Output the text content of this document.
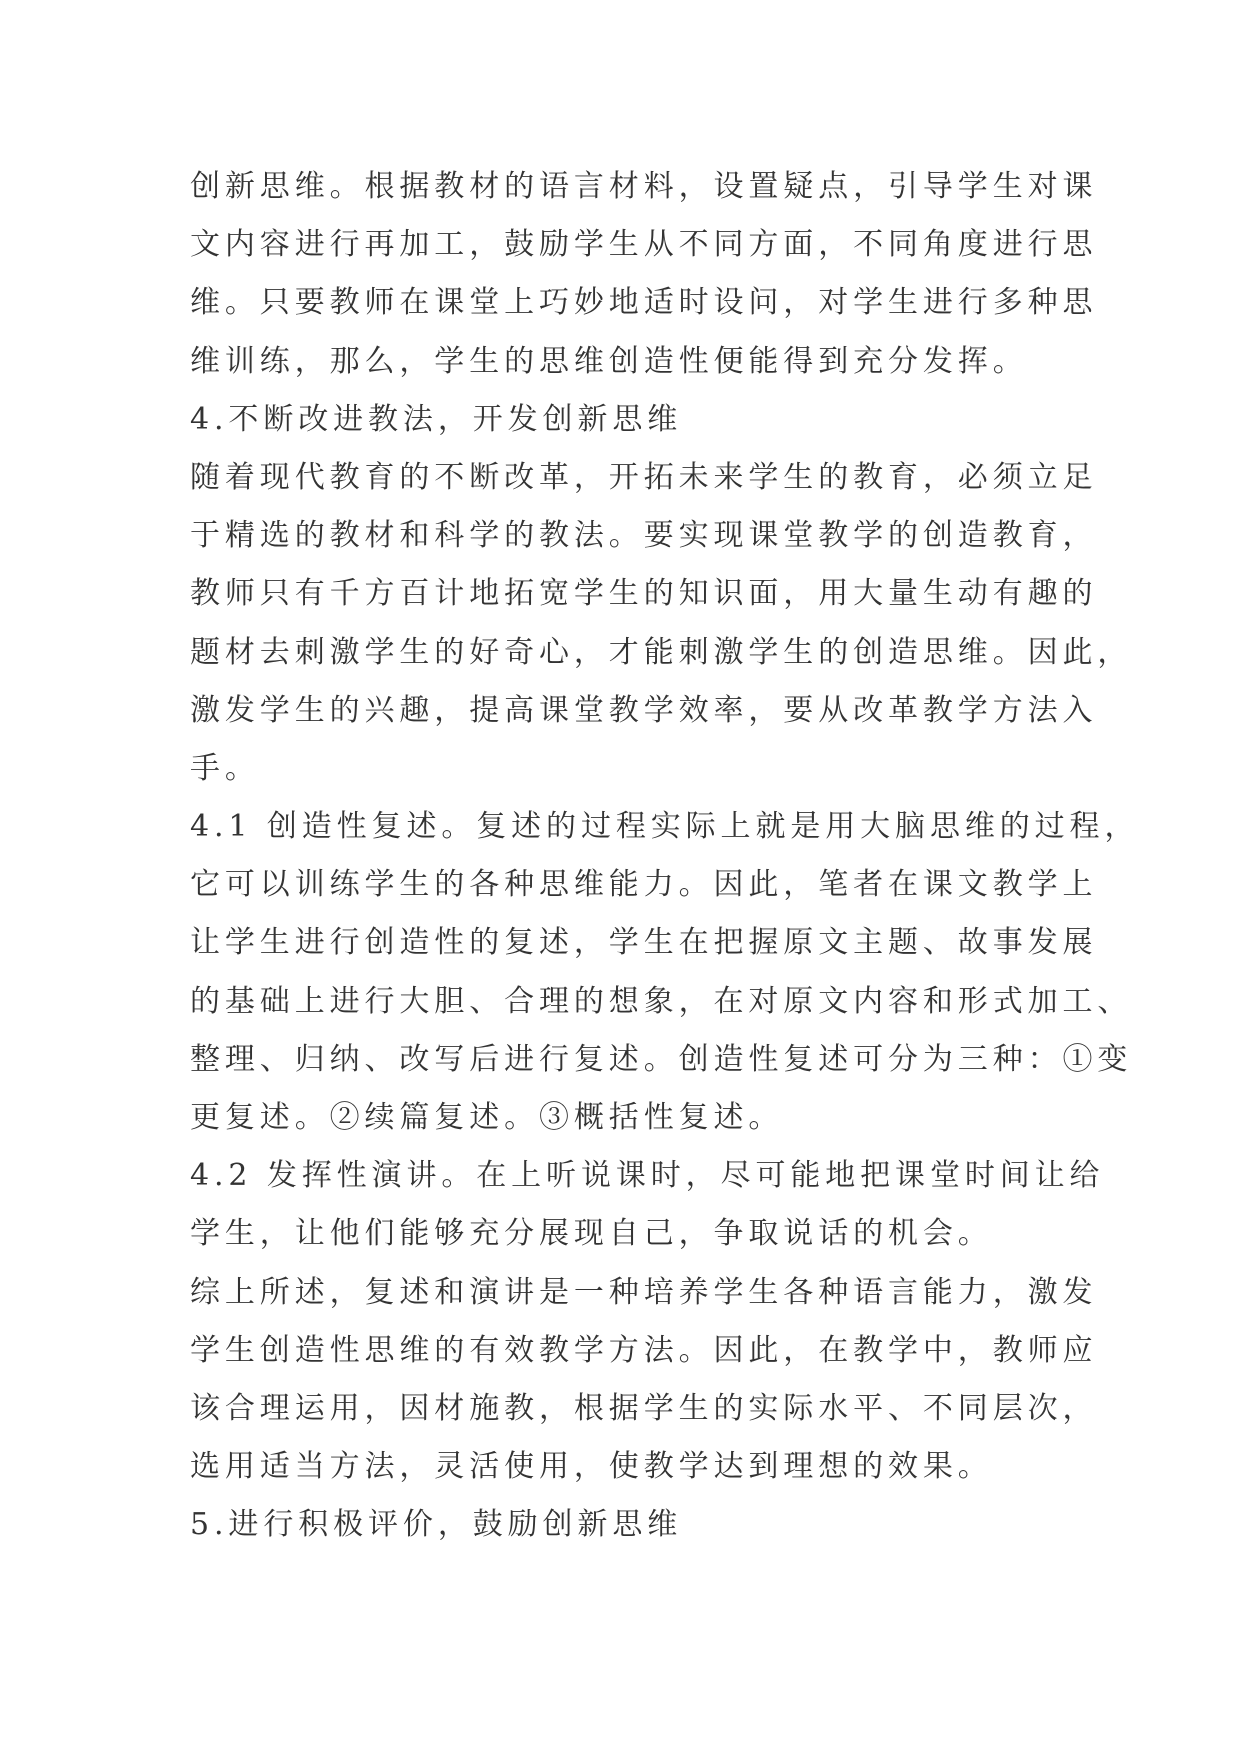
创新思维。根据教材的语言材料，设置疑点，引导学生对课
文内容进行再加工，鼓励学生从不同方面，不同角度进行思
维。只要教师在课堂上巧妙地适时设问，对学生进行多种思
维训练，那么，学生的思维创造性便能得到充分发挥。
4.不断改进教法，开发创新思维
随着现代教育的不断改革，开拓未来学生的教育，必须立足
于精选的教材和科学的教法。要实现课堂教学的创造教育，
教师只有千方百计地拓宽学生的知识面，用大量生动有趣的
题材去刺激学生的好奇心，才能刺激学生的创造思维。因此，
激发学生的兴趣，提高课堂教学效率，要从改革教学方法入
手。
4.1 创造性复述。复述的过程实际上就是用大脑思维的过程，
它可以训练学生的各种思维能力。因此，笔者在课文教学上
让学生进行创造性的复述，学生在把握原文主题、故事发展
的基础上进行大胆、合理的想象，在对原文内容和形式加工、
整理、归纳、改写后进行复述。创造性复述可分为三种：①变
更复述。②续篇复述。③概括性复述。
4.2 发挥性演讲。在上听说课时，尽可能地把课堂时间让给
学生，让他们能够充分展现自己，争取说话的机会。
综上所述，复述和演讲是一种培养学生各种语言能力，激发
学生创造性思维的有效教学方法。因此，在教学中，教师应
该合理运用，因材施教，根据学生的实际水平、不同层次，
选用适当方法，灵活使用，使教学达到理想的效果。
5.进行积极评价，鼓励创新思维
